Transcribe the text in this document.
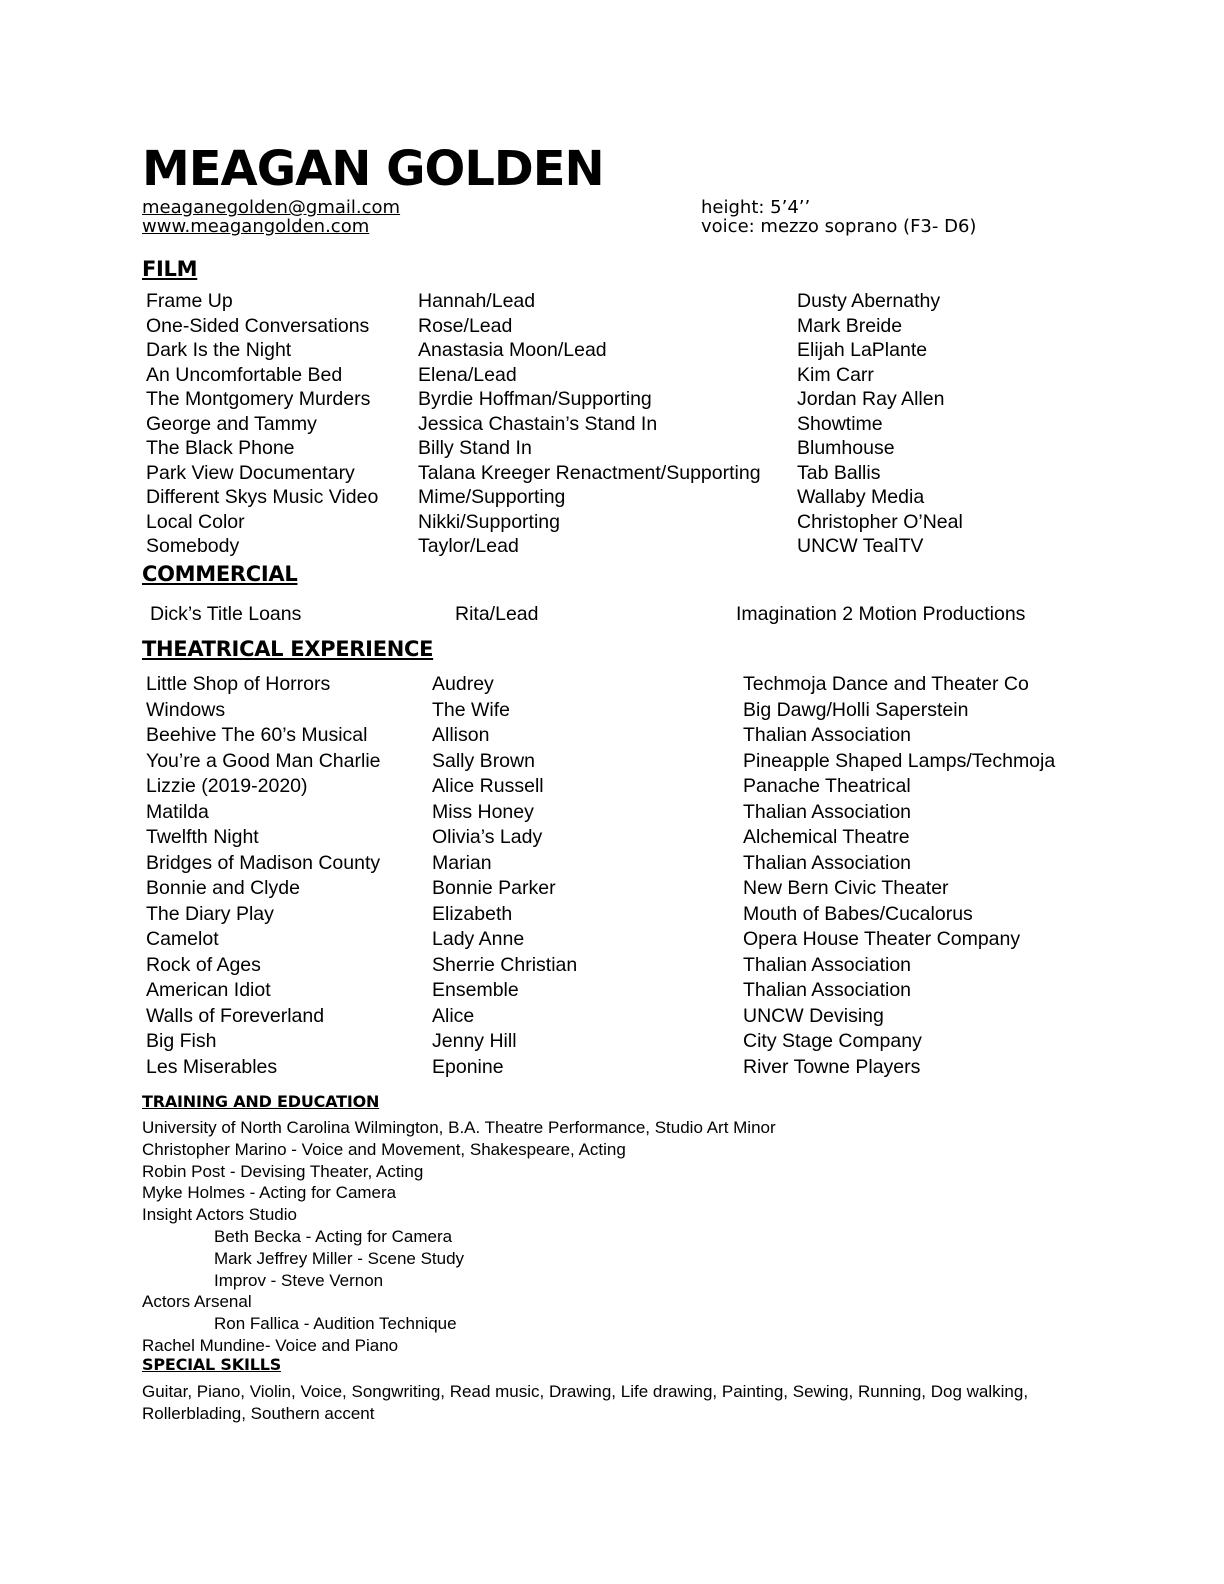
MEAGAN GOLDEN
meaganegolden@gmail.com
www.meagangolden.com
height: 5’4’’
voice: mezzo soprano (F3- D6)
FILM
Frame Up
One-Sided Conversations
Dark Is the Night
An Uncomfortable Bed
The Montgomery Murders
George and Tammy
The Black Phone
Park View Documentary
Different Skys Music Video
Local Color
Somebody
Hannah/Lead
Rose/Lead
Anastasia Moon/Lead
Elena/Lead
Byrdie Hoffman/Supporting
Jessica Chastain’s Stand In
Billy Stand In
Talana Kreeger Renactment/Supporting
Mime/Supporting
Nikki/Supporting
Taylor/Lead
Dusty Abernathy
Mark Breide
Elijah LaPlante
Kim Carr
Jordan Ray Allen
Showtime
Blumhouse
Tab Ballis
Wallaby Media
Christopher O’Neal
UNCW TealTV
COMMERCIAL
Dick’s Title Loans	Rita/Lead	Imagination 2 Motion Productions
THEATRICAL EXPERIENCE
Little Shop of Horrors
Windows
Beehive The 60’s Musical
You’re a Good Man Charlie
Lizzie (2019-2020)
Matilda
Twelfth Night
Bridges of Madison County
Bonnie and Clyde
The Diary Play
Camelot
Rock of Ages
American Idiot
Walls of Foreverland
Big Fish
Les Miserables
Audrey
The Wife
Allison
Sally Brown
Alice Russell
Miss Honey
Olivia’s Lady
Marian
Bonnie Parker
Elizabeth
Lady Anne
Sherrie Christian
Ensemble
Alice
Jenny Hill
Eponine
Techmoja Dance and Theater Co
Big Dawg/Holli Saperstein
Thalian Association
Pineapple Shaped Lamps/Techmoja
Panache Theatrical
Thalian Association
Alchemical Theatre
Thalian Association
New Bern Civic Theater
Mouth of Babes/Cucalorus
Opera House Theater Company
Thalian Association
Thalian Association
UNCW Devising
City Stage Company
River Towne Players
TRAINING AND EDUCATION
University of North Carolina Wilmington, B.A. Theatre Performance, Studio Art Minor
Christopher Marino - Voice and Movement, Shakespeare, Acting
Robin Post - Devising Theater, Acting
Myke Holmes - Acting for Camera
Insight Actors Studio
Beth Becka - Acting for Camera
Mark Jeffrey Miller - Scene Study
Improv - Steve Vernon
Actors Arsenal
Ron Fallica - Audition Technique
Rachel Mundine- Voice and Piano
SPECIAL SKILLS
Guitar, Piano, Violin, Voice, Songwriting, Read music, Drawing, Life drawing, Painting, Sewing, Running, Dog walking, Rollerblading, Southern accent
